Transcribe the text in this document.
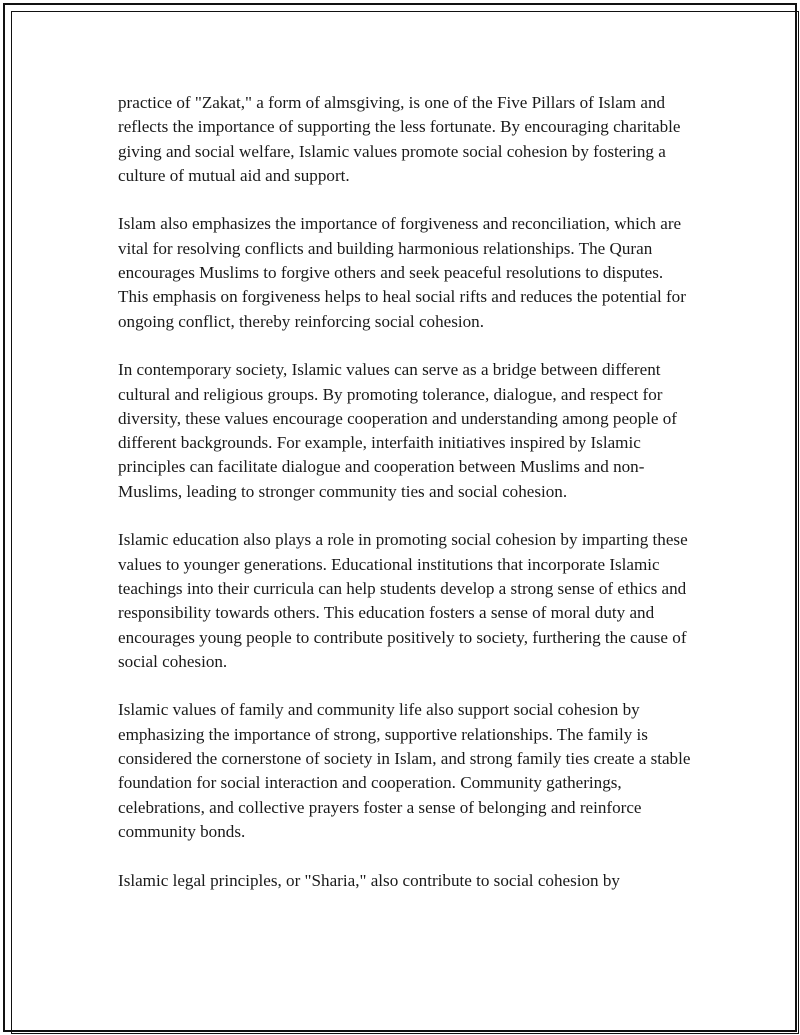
practice of "Zakat," a form of almsgiving, is one of the Five Pillars of Islam and reflects the importance of supporting the less fortunate. By encouraging charitable giving and social welfare, Islamic values promote social cohesion by fostering a culture of mutual aid and support.

Islam also emphasizes the importance of forgiveness and reconciliation, which are vital for resolving conflicts and building harmonious relationships. The Quran encourages Muslims to forgive others and seek peaceful resolutions to disputes. This emphasis on forgiveness helps to heal social rifts and reduces the potential for ongoing conflict, thereby reinforcing social cohesion.

In contemporary society, Islamic values can serve as a bridge between different cultural and religious groups. By promoting tolerance, dialogue, and respect for diversity, these values encourage cooperation and understanding among people of different backgrounds. For example, interfaith initiatives inspired by Islamic principles can facilitate dialogue and cooperation between Muslims and non-Muslims, leading to stronger community ties and social cohesion.

Islamic education also plays a role in promoting social cohesion by imparting these values to younger generations. Educational institutions that incorporate Islamic teachings into their curricula can help students develop a strong sense of ethics and responsibility towards others. This education fosters a sense of moral duty and encourages young people to contribute positively to society, furthering the cause of social cohesion.

Islamic values of family and community life also support social cohesion by emphasizing the importance of strong, supportive relationships. The family is considered the cornerstone of society in Islam, and strong family ties create a stable foundation for social interaction and cooperation. Community gatherings, celebrations, and collective prayers foster a sense of belonging and reinforce community bonds.

Islamic legal principles, or "Sharia," also contribute to social cohesion by
